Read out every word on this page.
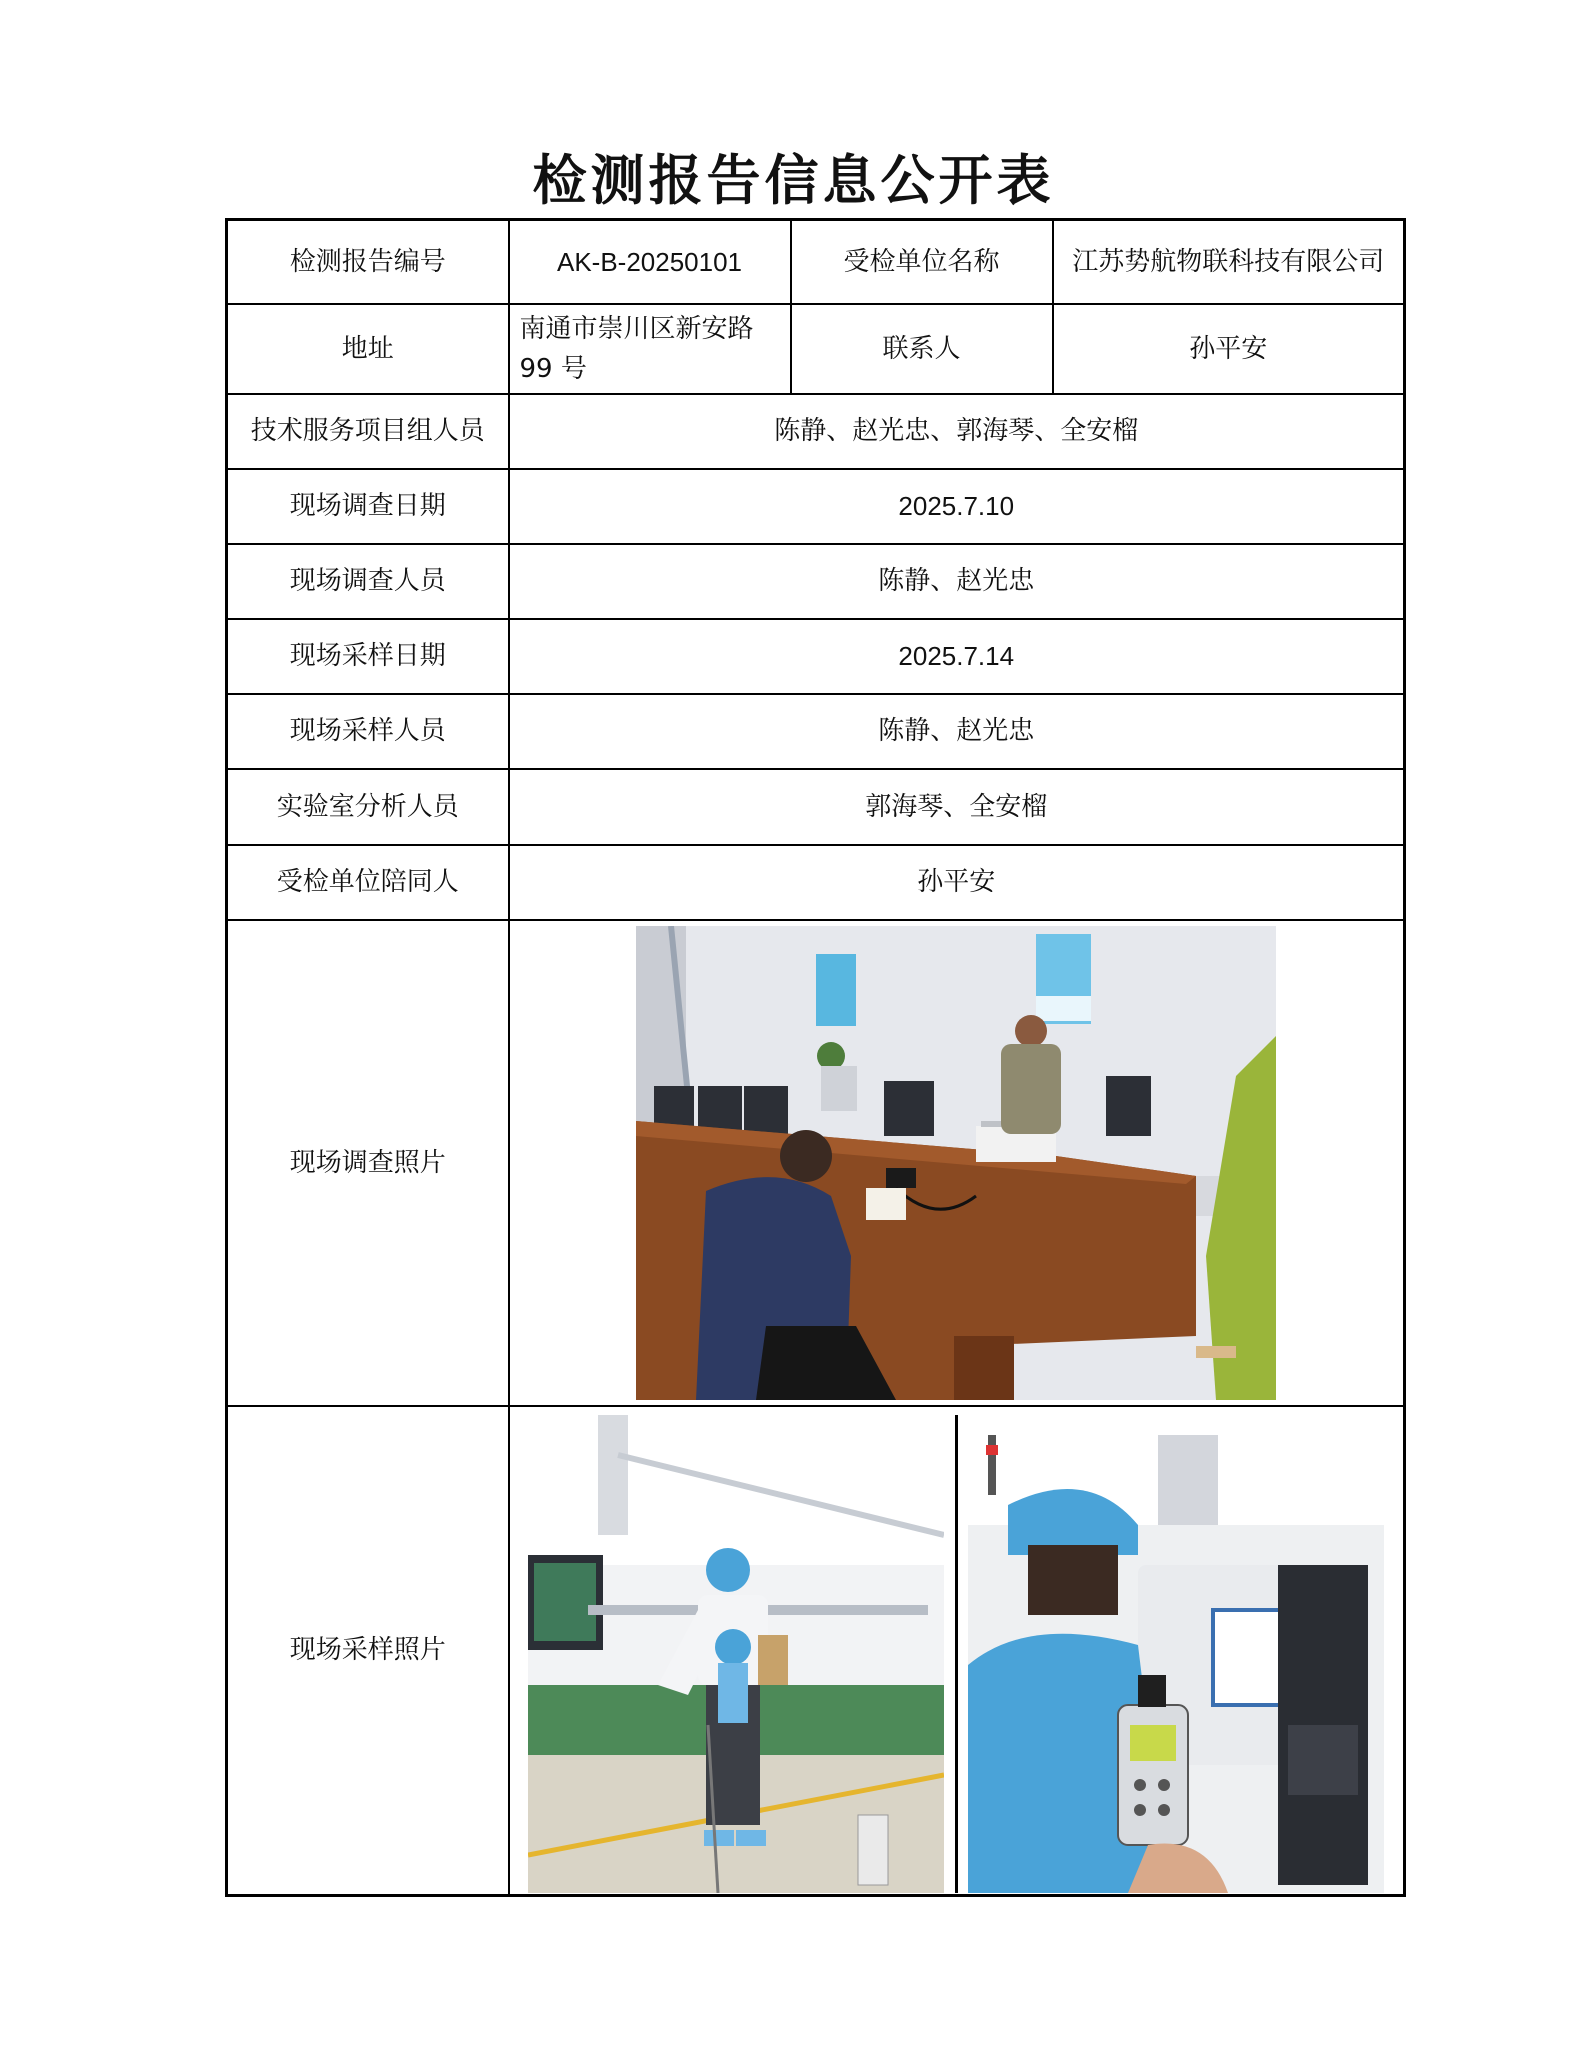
检测报告信息公开表
检测报告编号	AK-B-20250101	受检单位名称	江苏势航物联科技有限公司
地址	南通市崇川区新安路 99 号	联系人	孙平安
技术服务项目组人员	陈静、赵光忠、郭海琴、全安榴		
现场调查日期	2025.7.10		
现场调查人员	陈静、赵光忠		
现场采样日期	2025.7.14		
现场采样人员	陈静、赵光忠		
实验室分析人员	郭海琴、全安榴		
受检单位陪同人	孙平安		
现场调查照片	

现场采样照片	
